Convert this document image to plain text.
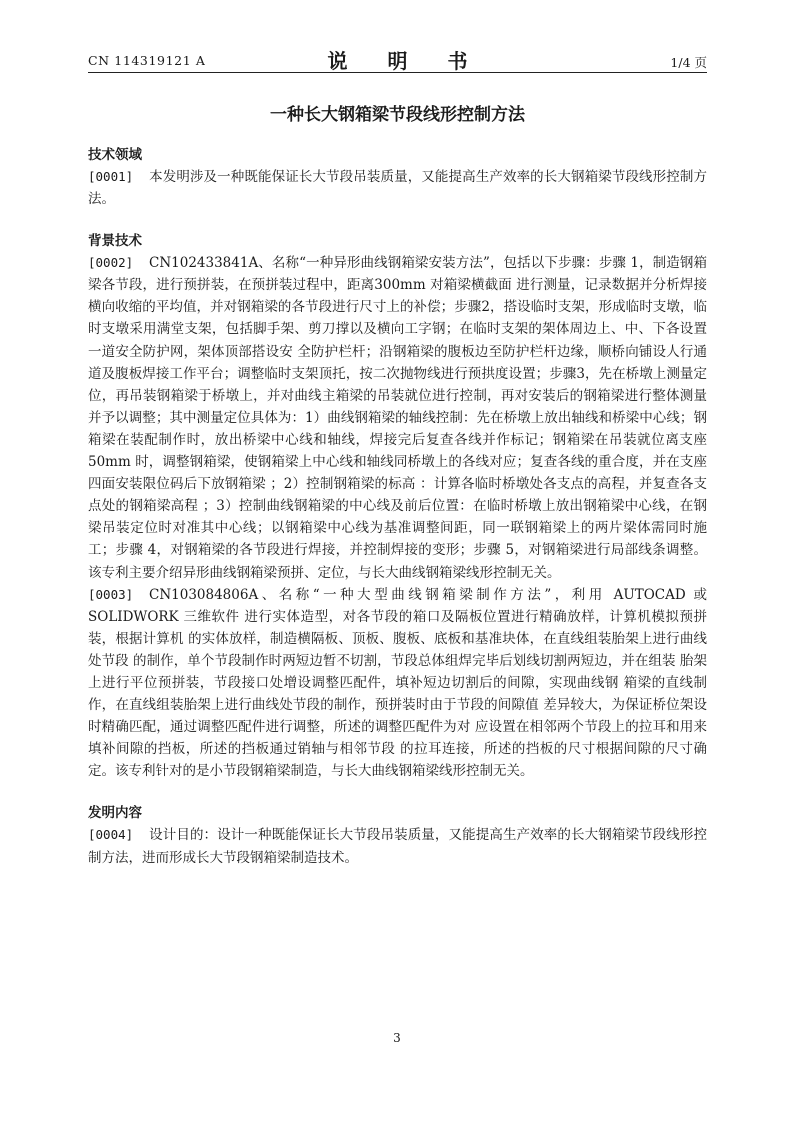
CN 114319121 A	说　明　书	1/4 页
一种长大钢箱梁节段线形控制方法
技术领域

[0001] 本发明涉及一种既能保证长大节段吊装质量，又能提高生产效率的长大钢箱梁节段线形控制方法。

背景技术

[0002] CN102433841A、名称“一种异形曲线钢箱梁安装方法”，包括以下步骤：步骤 1，制造钢箱梁各节段，进行预拼装，在预拼装过程中，距离300mm 对箱梁横截面 进行测量，记录数据并分析焊接横向收缩的平均值，并对钢箱梁的各节段进行尺寸上的补偿；步骤2，搭设临时支架，形成临时支墩，临时支墩采用满堂支架，包括脚手架、剪刀撑以及横向工字钢；在临时支架的架体周边上、中、下各设置一道安全防护网，架体顶部搭设安 全防护栏杆；沿钢箱梁的腹板边至防护栏杆边缘，顺桥向铺设人行通道及腹板焊接工作平台；调整临时支架顶托，按二次抛物线进行预拱度设置；步骤3，先在桥墩上测量定位，再吊装钢箱梁于桥墩上，并对曲线主箱梁的吊装就位进行控制，再对安装后的钢箱梁进行整体测量并予以调整；其中测量定位具体为：1）曲线钢箱梁的轴线控制：先在桥墩上放出轴线和桥梁中心线；钢箱梁在装配制作时，放出桥梁中心线和轴线，焊接完后复查各线并作标记；钢箱梁在吊装就位离支座50mm 时，调整钢箱梁，使钢箱梁上中心线和轴线同桥墩上的各线对应；复查各线的重合度，并在支座四面安装限位码后下放钢箱梁 ；2）控制钢箱梁的标高 ：计算各临时桥墩处各支点的高程，并复查各支点处的钢箱梁高程 ；3）控制曲线钢箱梁的中心线及前后位置：在临时桥墩上放出钢箱梁中心线，在钢梁吊装定位时对准其中心线；以钢箱梁中心线为基准调整间距，同一联钢箱梁上的两片梁体需同时施工；步骤 4，对钢箱梁的各节段进行焊接，并控制焊接的变形；步骤 5，对钢箱梁进行局部线条调整。该专利主要介绍异形曲线钢箱梁预拼、定位，与长大曲线钢箱梁线形控制无关。

[0003] CN103084806A、名称“一种大型曲线钢箱梁制作方法”，利用 AUTOCAD 或 SOLIDWORK 三维软件 进行实体造型，对各节段的箱口及隔板位置进行精确放样，计算机模拟预拼装，根据计算机 的实体放样，制造横隔板、顶板、腹板、底板和基准块体，在直线组装胎架上进行曲线处节段 的制作，单个节段制作时两短边暂不切割，节段总体组焊完毕后划线切割两短边，并在组装 胎架上进行平位预拼装，节段接口处增设调整匹配件，填补短边切割后的间隙，实现曲线钢 箱梁的直线制作，在直线组装胎架上进行曲线处节段的制作，预拼装时由于节段的间隙值 差异较大，为保证桥位架设时精确匹配，通过调整匹配件进行调整，所述的调整匹配件为对 应设置在相邻两个节段上的拉耳和用来填补间隙的挡板，所述的挡板通过销轴与相邻节段 的拉耳连接，所述的挡板的尺寸根据间隙的尺寸确定。该专利针对的是小节段钢箱梁制造，与长大曲线钢箱梁线形控制无关。

发明内容

[0004] 设计目的：设计一种既能保证长大节段吊装质量，又能提高生产效率的长大钢箱梁节段线形控制方法，进而形成长大节段钢箱梁制造技术。

3
